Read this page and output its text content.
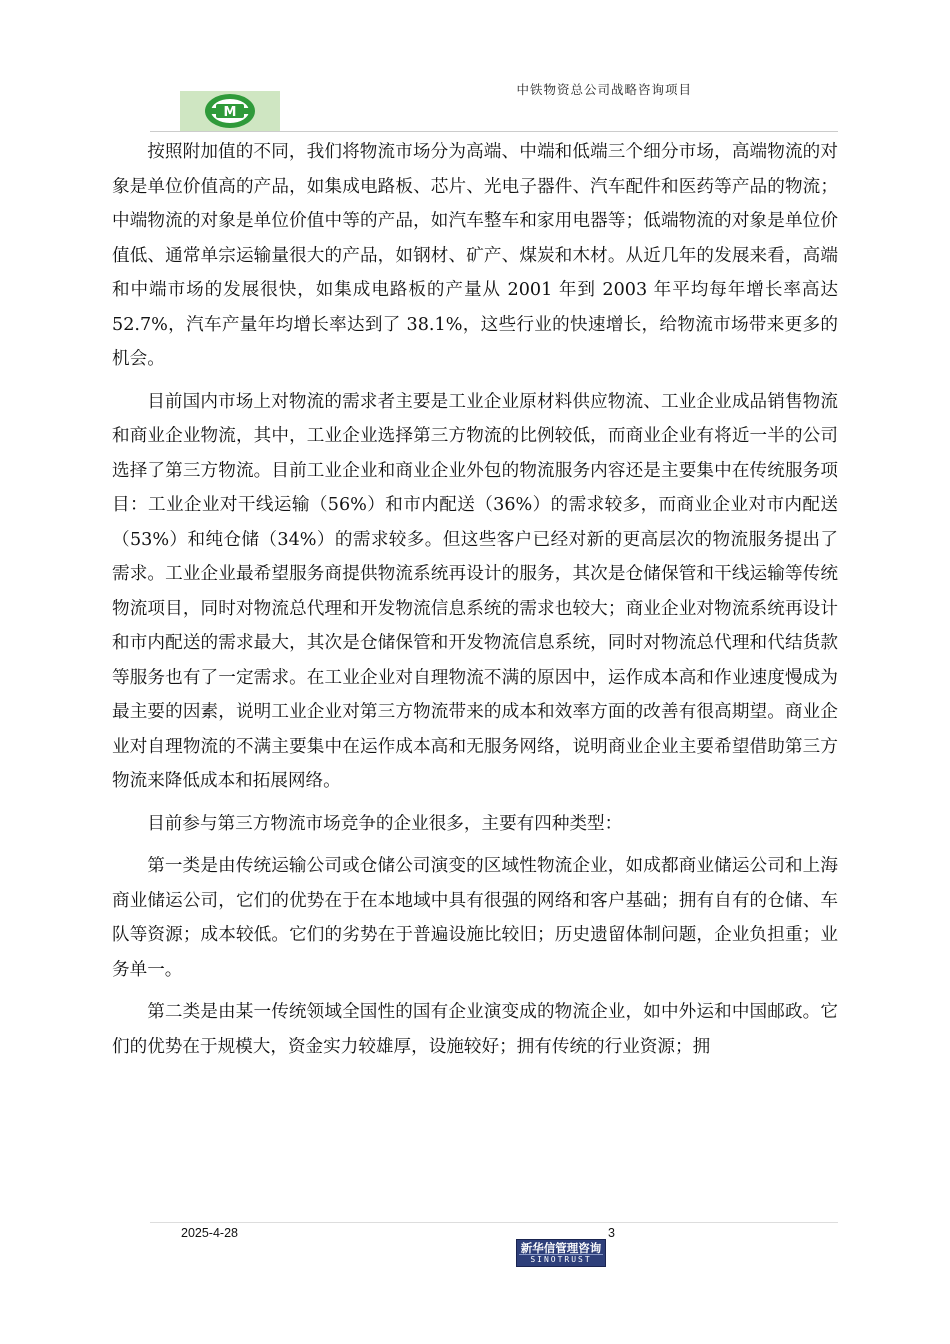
M
中铁物资总公司战略咨询项目

按照附加值的不同，我们将物流市场分为高端、中端和低端三个细分市场，高端物流的对象是单位价值高的产品，如集成电路板、芯片、光电子器件、汽车配件和医药等产品的物流；中端物流的对象是单位价值中等的产品，如汽车整车和家用电器等；低端物流的对象是单位价值低、通常单宗运输量很大的产品，如钢材、矿产、煤炭和木材。从近几年的发展来看，高端和中端市场的发展很快，如集成电路板的产量从 2001 年到 2003 年平均每年增长率高达 52.7%，汽车产量年均增长率达到了 38.1%，这些行业的快速增长，给物流市场带来更多的机会。

目前国内市场上对物流的需求者主要是工业企业原材料供应物流、工业企业成品销售物流和商业企业物流，其中，工业企业选择第三方物流的比例较低，而商业企业有将近一半的公司选择了第三方物流。目前工业企业和商业企业外包的物流服务内容还是主要集中在传统服务项目：工业企业对干线运输（56%）和市内配送（36%）的需求较多，而商业企业对市内配送（53%）和纯仓储（34%）的需求较多。但这些客户已经对新的更高层次的物流服务提出了需求。工业企业最希望服务商提供物流系统再设计的服务，其次是仓储保管和干线运输等传统物流项目，同时对物流总代理和开发物流信息系统的需求也较大；商业企业对物流系统再设计和市内配送的需求最大，其次是仓储保管和开发物流信息系统，同时对物流总代理和代结货款等服务也有了一定需求。在工业企业对自理物流不满的原因中，运作成本高和作业速度慢成为最主要的因素，说明工业企业对第三方物流带来的成本和效率方面的改善有很高期望。商业企业对自理物流的不满主要集中在运作成本高和无服务网络，说明商业企业主要希望借助第三方物流来降低成本和拓展网络。

目前参与第三方物流市场竞争的企业很多，主要有四种类型：

第一类是由传统运输公司或仓储公司演变的区域性物流企业，如成都商业储运公司和上海商业储运公司，它们的优势在于在本地域中具有很强的网络和客户基础；拥有自有的仓储、车队等资源；成本较低。它们的劣势在于普遍设施比较旧；历史遗留体制问题，企业负担重；业务单一。

第二类是由某一传统领域全国性的国有企业演变成的物流企业，如中外运和中国邮政。它们的优势在于规模大，资金实力较雄厚，设施较好；拥有传统的行业资源；拥

2025-4-28	3
新华信管理咨询
SINOTRUST
